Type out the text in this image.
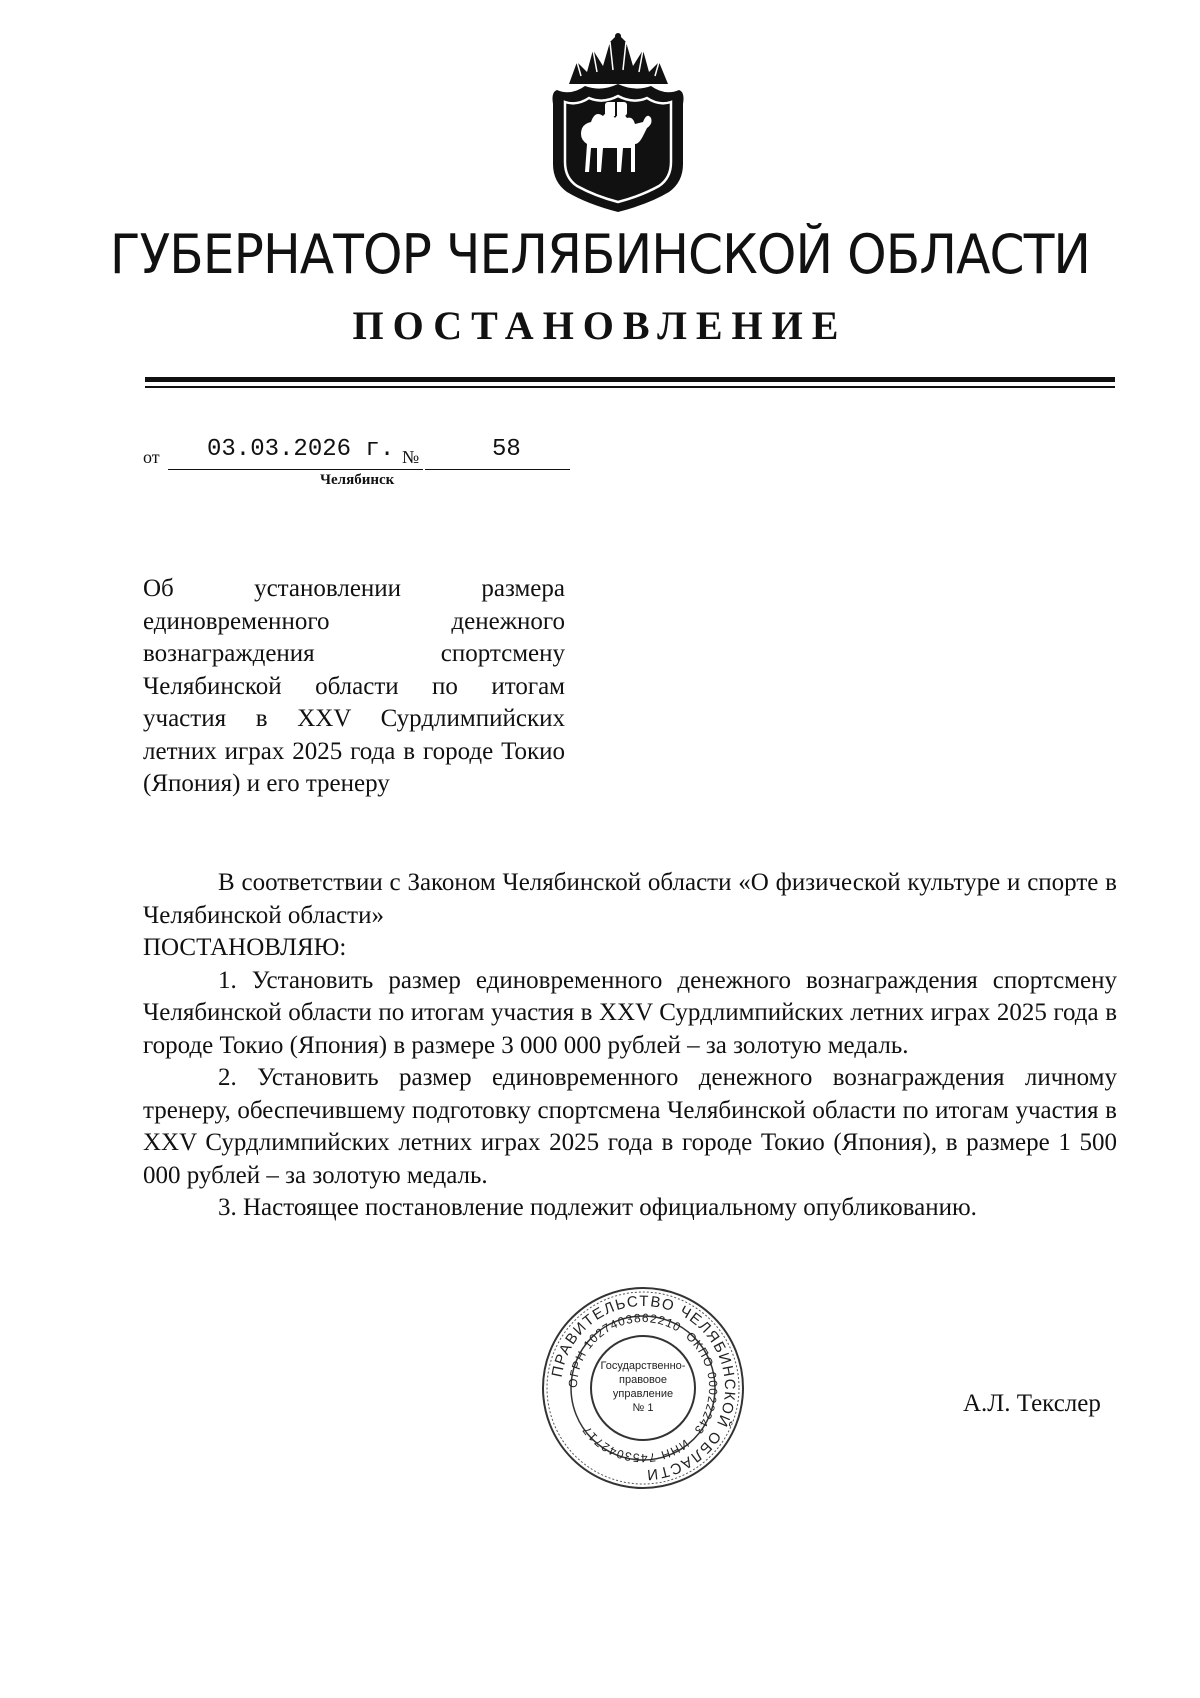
ГУБЕРНАТОР ЧЕЛЯБИНСКОЙ ОБЛАСТИ
ПОСТАНОВЛЕНИЕ
от 03.03.2026 г. №	58
Челябинск
Об установлении размера единовременного денежного вознаграждения спортсмену Челябинской области по итогам участия в XXV Сурдлимпийских летних играх 2025 года в городе Токио (Япония) и его тренеру

В соответствии с Законом Челябинской области «О физической культуре и спорте в Челябинской области»

ПОСТАНОВЛЯЮ:

1. Установить размер единовременного денежного вознаграждения спортсмену Челябинской области по итогам участия в XXV Сурдлимпийских летних играх 2025 года в городе Токио (Япония) в размере 3 000 000 рублей – за золотую медаль.

2. Установить размер единовременного денежного вознаграждения личному тренеру, обеспечившему подготовку спортсмена Челябинской области по итогам участия в XXV Сурдлимпийских летних играх 2025 года в городе Токио (Япония), в размере 1 500 000 рублей – за золотую медаль.

3. Настоящее постановление подлежит официальному опубликованию.

ПРАВИТЕЛЬСТВО ЧЕЛЯБИНСКОЙ ОБЛАСТИ
ОГРН 1027403862210
ОКПО 00022243
ИНН 7453042717
Государственно-
правовое
управление
№ 1	А.Л. Текслер
